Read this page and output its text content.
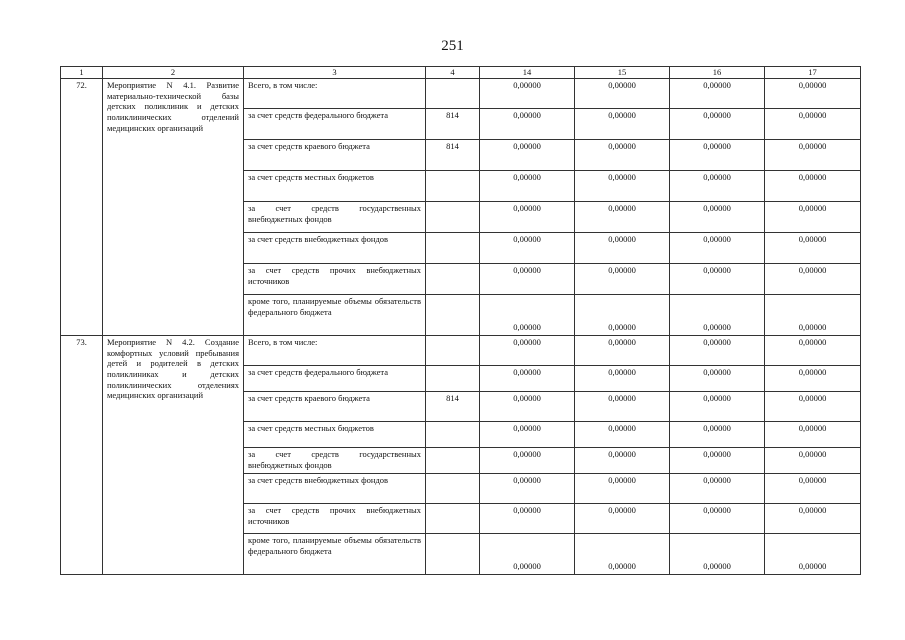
251
1	2	3	4	14	15	16	17
72.	Мероприятие N 4.1. Развитие материально-технической базы детских поликлиник и детских поликлинических отделений медицинских организаций	Всего, в том числе:		0,00000	0,00000	0,00000	0,00000
		за счет средств федерального бюджета	814	0,00000	0,00000	0,00000	0,00000
		за счет средств краевого бюджета	814	0,00000	0,00000	0,00000	0,00000
		за счет средств местных бюджетов		0,00000	0,00000	0,00000	0,00000
		за счет средств государственных внебюджетных фондов		0,00000	0,00000	0,00000	0,00000
		за счет средств внебюджетных фондов		0,00000	0,00000	0,00000	0,00000
		за счет средств прочих внебюджетных источников		0,00000	0,00000	0,00000	0,00000
		кроме того, планируемые объемы обязательств федерального бюджета		0,00000	0,00000	0,00000	0,00000
73.	Мероприятие N 4.2. Создание комфортных условий пребывания детей и родителей в детских поликлиниках и детских поликлинических отделениях медицинских организаций	Всего, в том числе:		0,00000	0,00000	0,00000	0,00000
		за счет средств федерального бюджета		0,00000	0,00000	0,00000	0,00000
		за счет средств краевого бюджета	814	0,00000	0,00000	0,00000	0,00000
		за счет средств местных бюджетов		0,00000	0,00000	0,00000	0,00000
		за счет средств государственных внебюджетных фондов		0,00000	0,00000	0,00000	0,00000
		за счет средств внебюджетных фондов		0,00000	0,00000	0,00000	0,00000
		за счет средств прочих внебюджетных источников		0,00000	0,00000	0,00000	0,00000
		кроме того, планируемые объемы обязательств федерального бюджета		0,00000	0,00000	0,00000	0,00000
